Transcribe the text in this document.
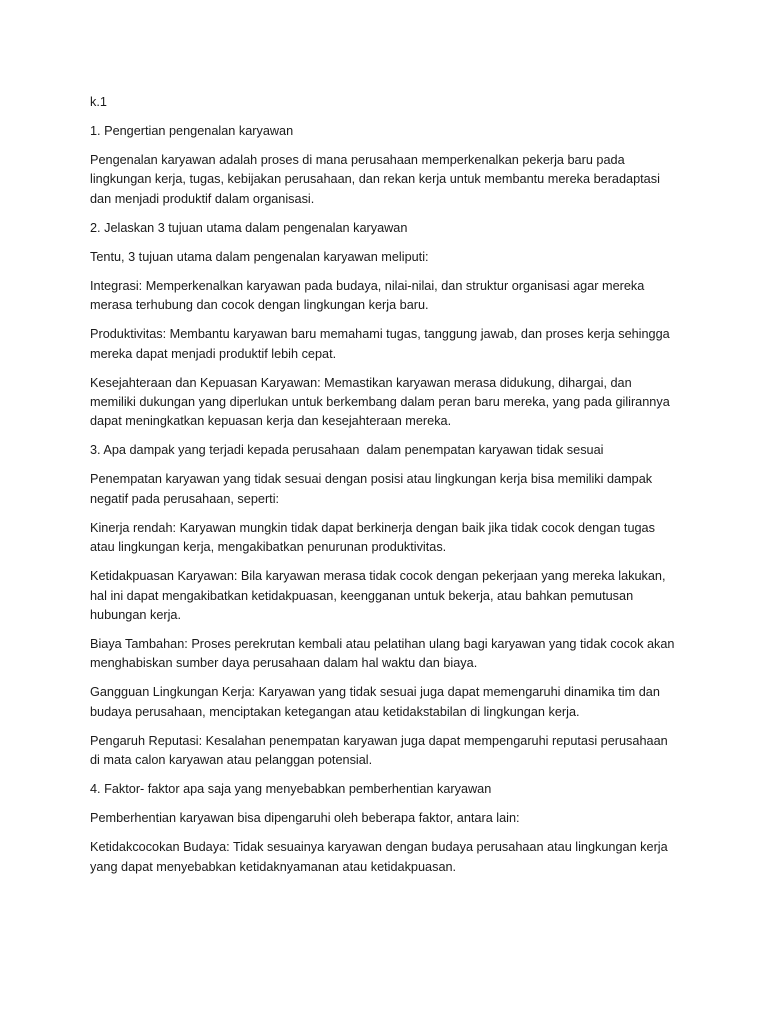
k.1

1. Pengertian pengenalan karyawan

Pengenalan karyawan adalah proses di mana perusahaan memperkenalkan pekerja baru pada lingkungan kerja, tugas, kebijakan perusahaan, dan rekan kerja untuk membantu mereka beradaptasi dan menjadi produktif dalam organisasi.

2. Jelaskan 3 tujuan utama dalam pengenalan karyawan

Tentu, 3 tujuan utama dalam pengenalan karyawan meliputi:

Integrasi: Memperkenalkan karyawan pada budaya, nilai-nilai, dan struktur organisasi agar mereka merasa terhubung dan cocok dengan lingkungan kerja baru.

Produktivitas: Membantu karyawan baru memahami tugas, tanggung jawab, dan proses kerja sehingga mereka dapat menjadi produktif lebih cepat.

Kesejahteraan dan Kepuasan Karyawan: Memastikan karyawan merasa didukung, dihargai, dan memiliki dukungan yang diperlukan untuk berkembang dalam peran baru mereka, yang pada gilirannya dapat meningkatkan kepuasan kerja dan kesejahteraan mereka.

3. Apa dampak yang terjadi kepada perusahaan  dalam penempatan karyawan tidak sesuai

Penempatan karyawan yang tidak sesuai dengan posisi atau lingkungan kerja bisa memiliki dampak negatif pada perusahaan, seperti:

Kinerja rendah: Karyawan mungkin tidak dapat berkinerja dengan baik jika tidak cocok dengan tugas atau lingkungan kerja, mengakibatkan penurunan produktivitas.

Ketidakpuasan Karyawan: Bila karyawan merasa tidak cocok dengan pekerjaan yang mereka lakukan, hal ini dapat mengakibatkan ketidakpuasan, keengganan untuk bekerja, atau bahkan pemutusan hubungan kerja.

Biaya Tambahan: Proses perekrutan kembali atau pelatihan ulang bagi karyawan yang tidak cocok akan menghabiskan sumber daya perusahaan dalam hal waktu dan biaya.

Gangguan Lingkungan Kerja: Karyawan yang tidak sesuai juga dapat memengaruhi dinamika tim dan budaya perusahaan, menciptakan ketegangan atau ketidakstabilan di lingkungan kerja.

Pengaruh Reputasi: Kesalahan penempatan karyawan juga dapat mempengaruhi reputasi perusahaan di mata calon karyawan atau pelanggan potensial.

4. Faktor- faktor apa saja yang menyebabkan pemberhentian karyawan

Pemberhentian karyawan bisa dipengaruhi oleh beberapa faktor, antara lain:

Ketidakcocokan Budaya: Tidak sesuainya karyawan dengan budaya perusahaan atau lingkungan kerja yang dapat menyebabkan ketidaknyamanan atau ketidakpuasan.
